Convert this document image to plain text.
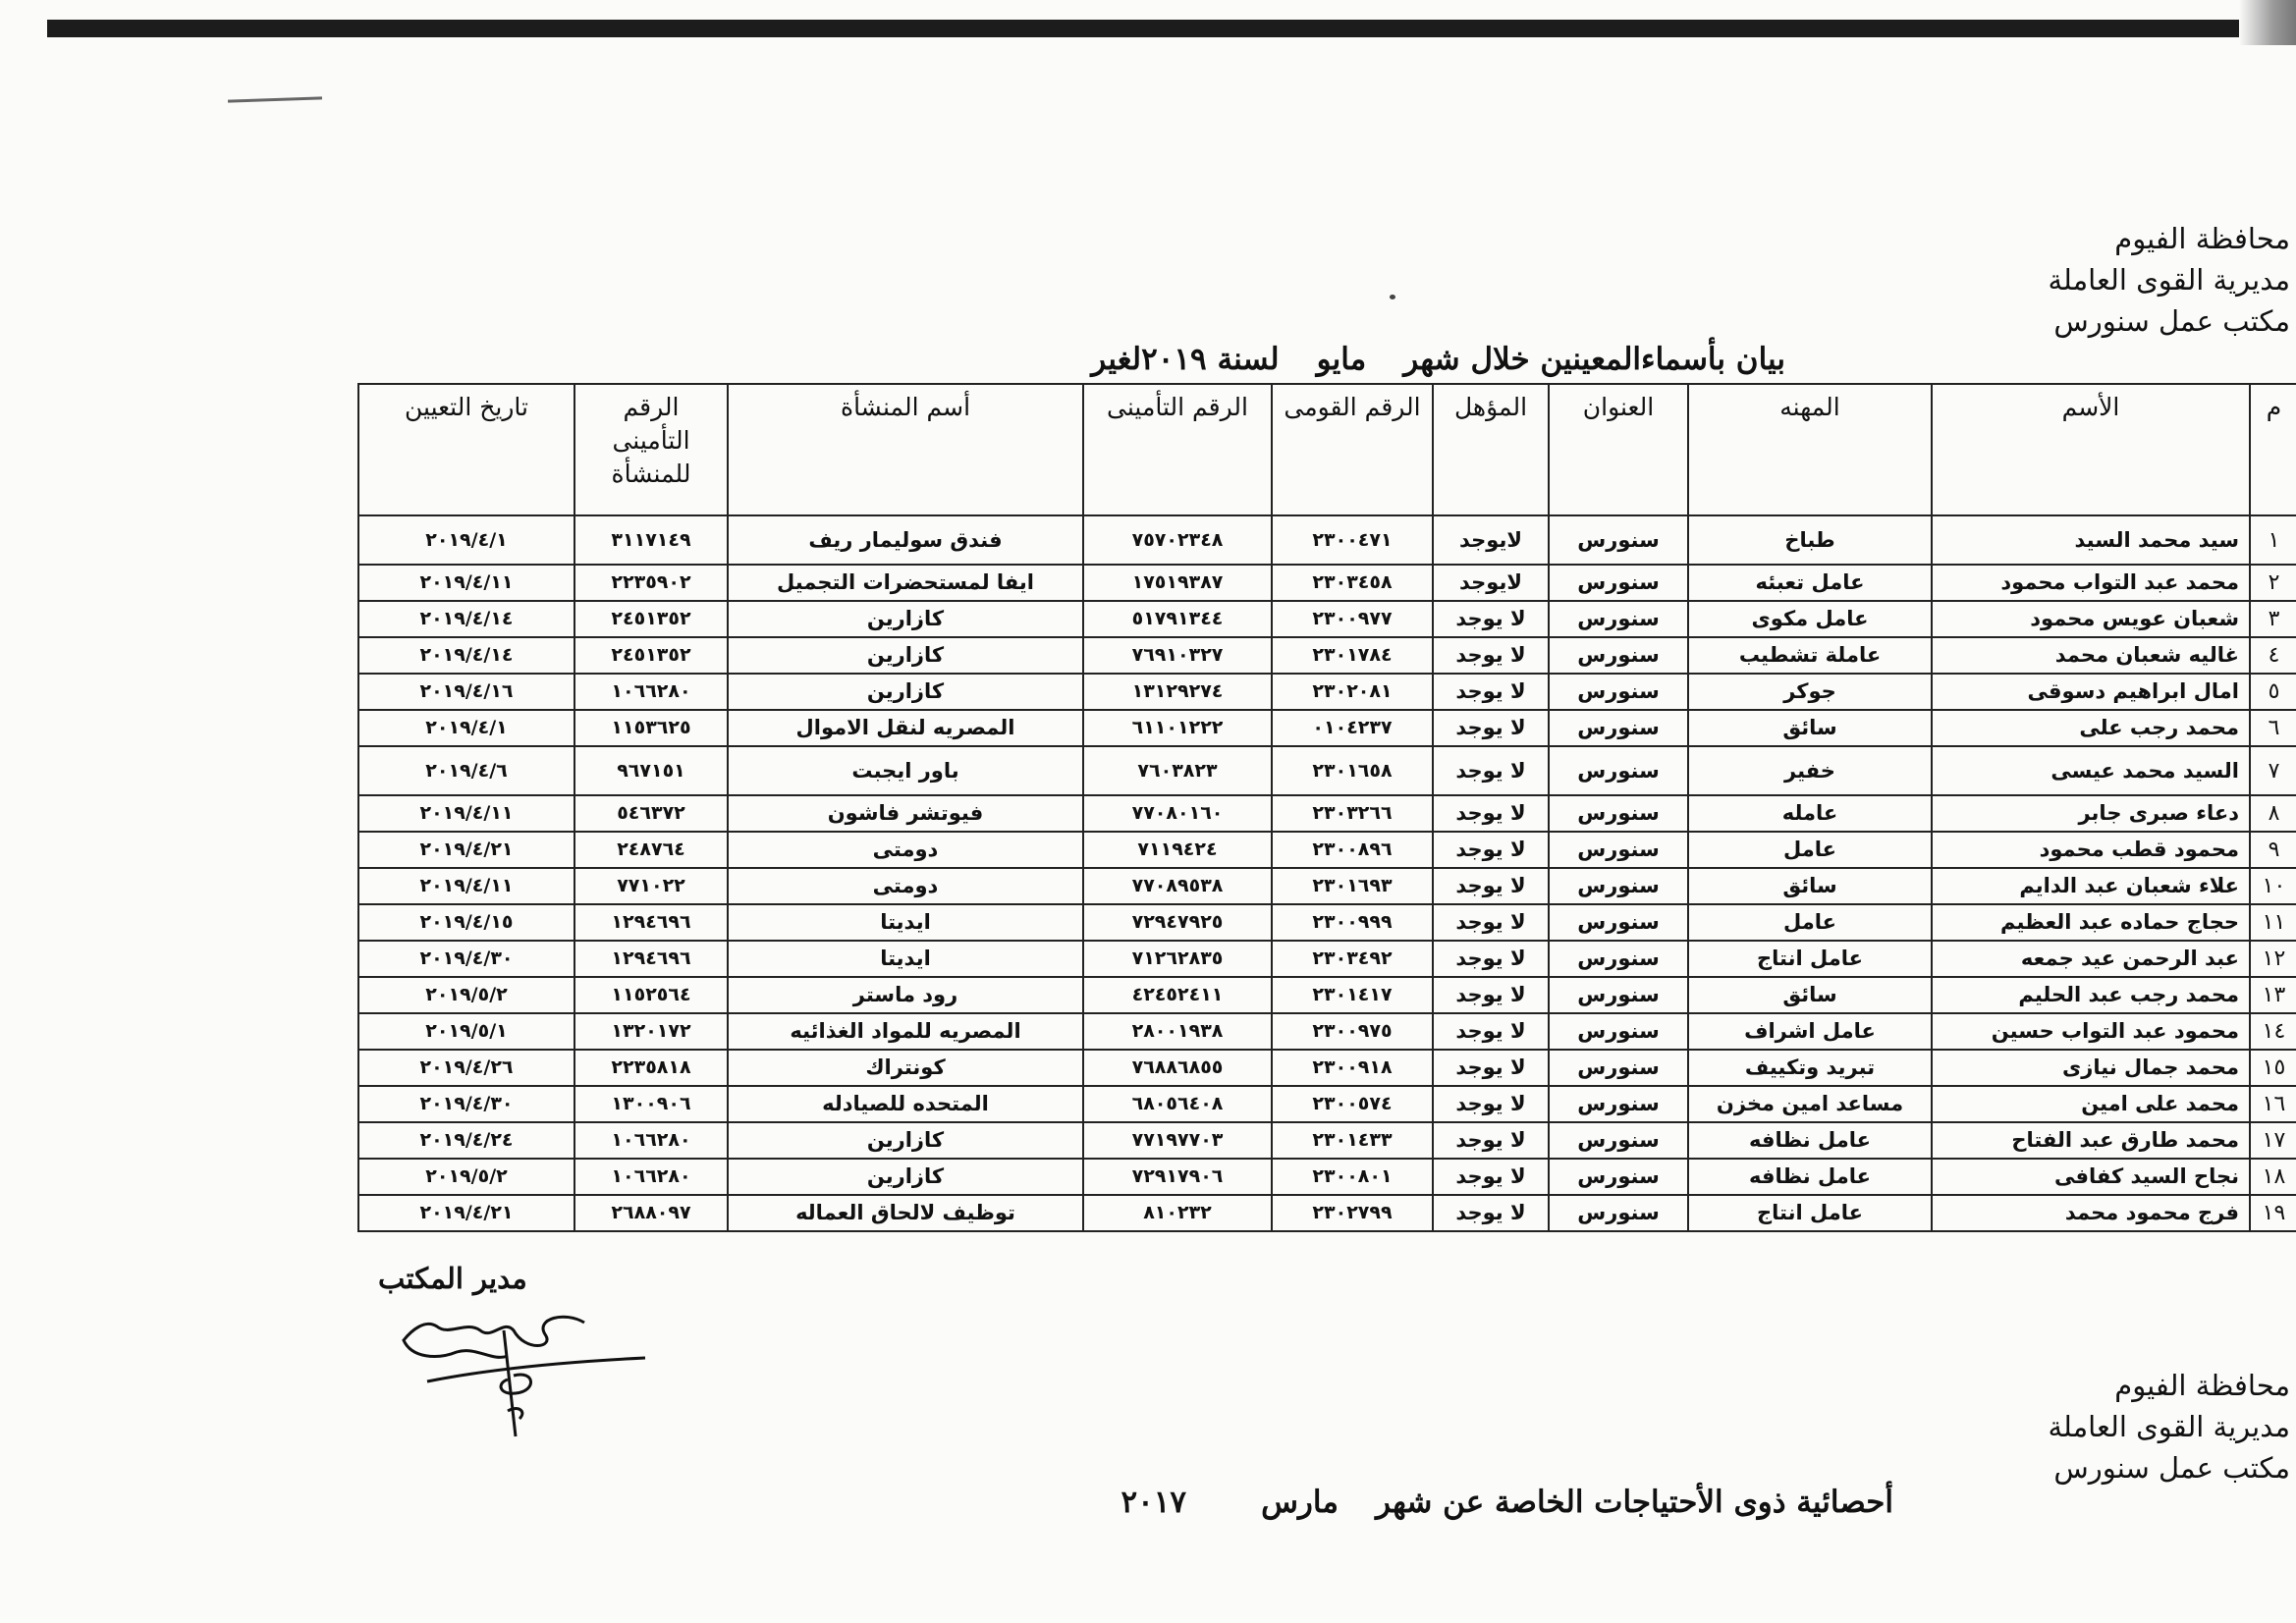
محافظة الفيوم
مديرية القوى العاملة
مكتب عمل سنورس
بيان بأسماءالمعينين خلال شهرمايولسنة ٢٠١٩لغير
م	الأسم	المهنه	العنوان	المؤهل	الرقم القومى	الرقم التأمينى	أسم المنشأة	الرقم التأمينى للمنشأة	تاريخ التعيين
١	سيد محمد السيد	طباخ	سنورس	لايوجد	٢٣٠٠٤٧١	٧٥٧٠٢٣٤٨	فندق سوليمار ريف	٣١١٧١٤٩	٢٠١٩/٤/١
٢	محمد عبد التواب محمود	عامل تعبئه	سنورس	لايوجد	٢٣٠٣٤٥٨	١٧٥١٩٣٨٧	ايفا لمستحضرات التجميل	٢٢٣٥٩٠٢	٢٠١٩/٤/١١
٣	شعبان عويس محمود	عامل مكوى	سنورس	لا يوجد	٢٣٠٠٩٧٧	٥١٧٩١٣٤٤	كازارين	٢٤٥١٣٥٢	٢٠١٩/٤/١٤
٤	غاليه شعبان محمد	عاملة تشطيب	سنورس	لا يوجد	٢٣٠١٧٨٤	٧٦٩١٠٣٢٧	كازارين	٢٤٥١٣٥٢	٢٠١٩/٤/١٤
٥	امال ابراهيم دسوقى	جوكر	سنورس	لا يوجد	٢٣٠٢٠٨١	١٣١٢٩٢٧٤	كازارين	١٠٦٦٢٨٠	٢٠١٩/٤/١٦
٦	محمد رجب على	سائق	سنورس	لا يوجد	٠١٠٤٢٣٧	٦١١٠١٢٢٢	المصريه لنقل الاموال	١١٥٣٦٢٥	٢٠١٩/٤/١
٧	السيد محمد عيسى	خفير	سنورس	لا يوجد	٢٣٠١٦٥٨	٧٦٠٣٨٢٣	باور ايجبت	٩٦٧١٥١	٢٠١٩/٤/٦
٨	دعاء صبرى جابر	عامله	سنورس	لا يوجد	٢٣٠٣٢٦٦	٧٧٠٨٠١٦٠	فيوتشر فاشون	٥٤٦٣٧٢	٢٠١٩/٤/١١
٩	محمود قطب محمود	عامل	سنورس	لا يوجد	٢٣٠٠٨٩٦	٧١١٩٤٢٤	دومتى	٢٤٨٧٦٤	٢٠١٩/٤/٢١
١٠	علاء شعبان عبد الدايم	سائق	سنورس	لا يوجد	٢٣٠١٦٩٣	٧٧٠٨٩٥٣٨	دومتى	٧٧١٠٢٢	٢٠١٩/٤/١١
١١	حجاج حماده عبد العظيم	عامل	سنورس	لا يوجد	٢٣٠٠٩٩٩	٧٢٩٤٧٩٢٥	ايديتا	١٢٩٤٦٩٦	٢٠١٩/٤/١٥
١٢	عبد الرحمن عيد جمعه	عامل انتاج	سنورس	لا يوجد	٢٣٠٣٤٩٢	٧١٢٦٢٨٣٥	ايديتا	١٢٩٤٦٩٦	٢٠١٩/٤/٣٠
١٣	محمد رجب عبد الحليم	سائق	سنورس	لا يوجد	٢٣٠١٤١٧	٤٢٤٥٢٤١١	رود ماستر	١١٥٢٥٦٤	٢٠١٩/٥/٢
١٤	محمود عبد التواب حسين	عامل اشراف	سنورس	لا يوجد	٢٣٠٠٩٧٥	٢٨٠٠١٩٣٨	المصريه للمواد الغذائيه	١٣٢٠١٧٢	٢٠١٩/٥/١
١٥	محمد جمال نيازى	تبريد وتكييف	سنورس	لا يوجد	٢٣٠٠٩١٨	٧٦٨٨٦٨٥٥	كونتراك	٢٢٣٥٨١٨	٢٠١٩/٤/٢٦
١٦	محمد على امين	مساعد امين مخزن	سنورس	لا يوجد	٢٣٠٠٥٧٤	٦٨٠٥٦٤٠٨	المتحده للصيادله	١٣٠٠٩٠٦	٢٠١٩/٤/٣٠
١٧	محمد طارق عبد الفتاح	عامل نظافه	سنورس	لا يوجد	٢٣٠١٤٣٣	٧٧١٩٧٧٠٣	كازارين	١٠٦٦٢٨٠	٢٠١٩/٤/٢٤
١٨	نجاح السيد كفافى	عامل نظافه	سنورس	لا يوجد	٢٣٠٠٨٠١	٧٢٩١٧٩٠٦	كازارين	١٠٦٦٢٨٠	٢٠١٩/٥/٢
١٩	فرج محمود محمد	عامل انتاج	سنورس	لا يوجد	٢٣٠٢٧٩٩	٨١٠٢٣٢	توظيف لالحاق العماله	٢٦٨٨٠٩٧	٢٠١٩/٤/٢١
مدير المكتب
محافظة الفيوم
مديرية القوى العاملة
مكتب عمل سنورس
أحصائية ذوى الأحتياجات الخاصة عن شهرمارس٢٠١٧
